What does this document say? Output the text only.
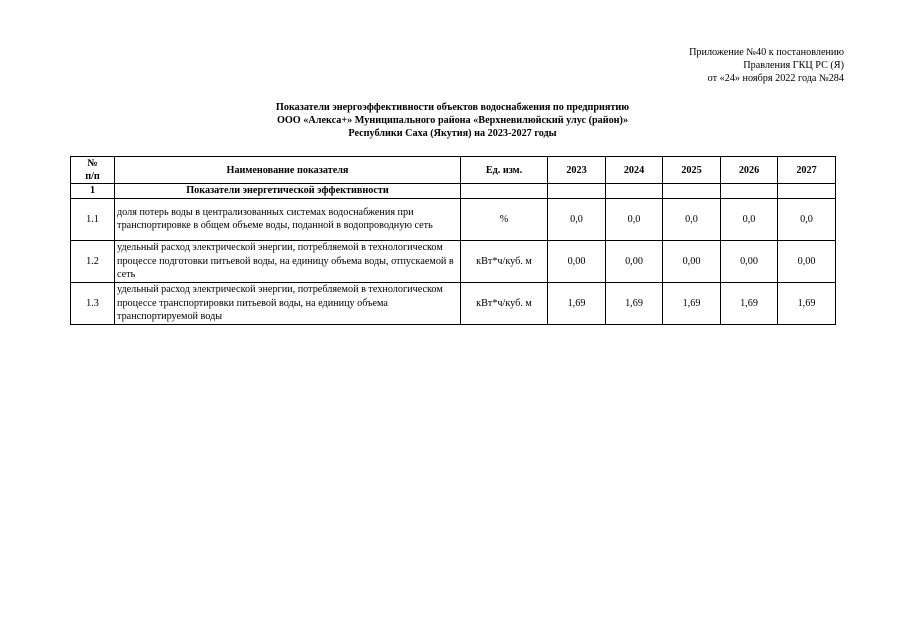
Приложение №40 к постановлению
Правления ГКЦ РС (Я)
от «24» ноября 2022 года №284
Показатели энергоэффективности объектов водоснабжения по предприятию
ООО «Алекса+» Муниципального района «Верхневилюйский улус (район)»
Республики Саха (Якутия) на 2023-2027 годы
№
п/п	Наименование показателя	Ед. изм.	2023	2024	2025	2026	2027
1	Показатели энергетической эффективности						
1.1	доля потерь воды в централизованных системах водоснабжения при транспортировке в общем объеме воды, поданной в водопроводную сеть	%	0,0	0,0	0,0	0,0	0,0
1.2	удельный расход электрической энергии, потребляемой в технологическом процессе подготовки питьевой воды, на единицу объема воды, отпускаемой в сеть	кВт*ч/куб. м	0,00	0,00	0,00	0,00	0,00
1.3	удельный расход электрической энергии, потребляемой в технологическом процессе транспортировки питьевой воды, на единицу объема транспортируемой воды	кВт*ч/куб. м	1,69	1,69	1,69	1,69	1,69
